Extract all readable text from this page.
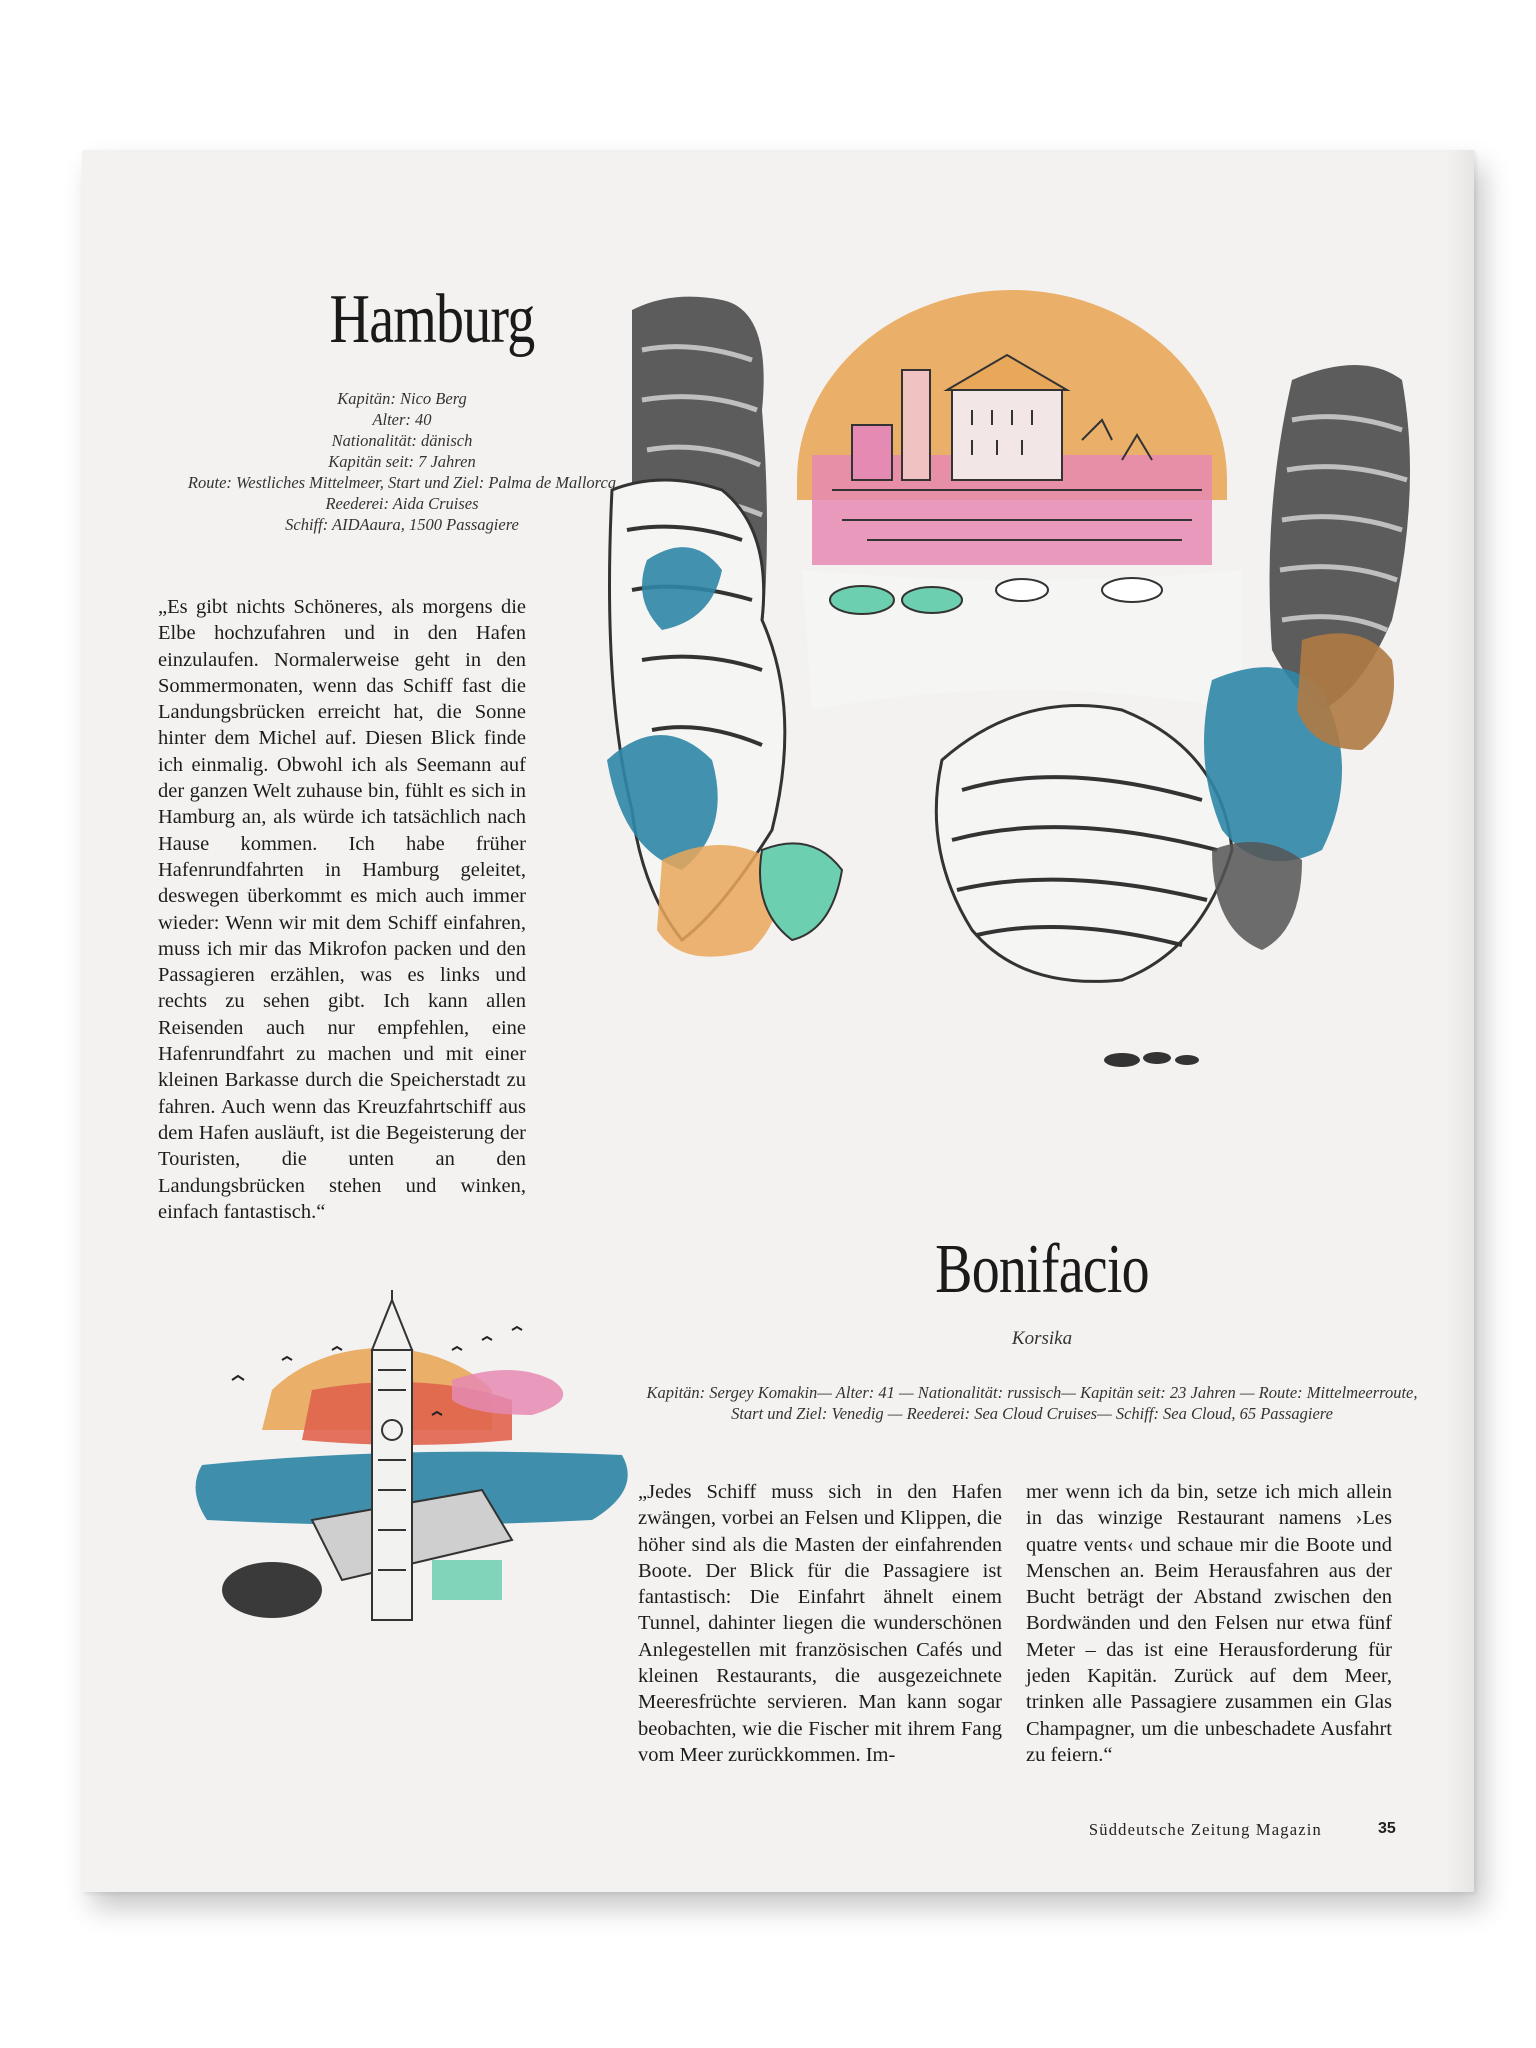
Hamburg
Kapitän: Nico Berg
Alter: 40
Nationalität: dänisch
Kapitän seit: 7 Jahren
Route: Westliches Mittelmeer, Start und Ziel: Palma de Mallorca
Reederei: Aida Cruises
Schiff: AIDAaura, 1500 Passagiere

„Es gibt nichts Schöneres, als morgens die Elbe hochzufahren und in den Hafen einzulaufen. Normalerweise geht in den Sommermonaten, wenn das Schiff fast die Landungsbrücken erreicht hat, die Sonne hinter dem Michel auf. Diesen Blick finde ich einmalig. Obwohl ich als Seemann auf der ganzen Welt zuhause bin, fühlt es sich in Hamburg an, als würde ich tatsächlich nach Hause kommen. Ich habe früher Hafenrundfahrten in Hamburg geleitet, deswegen überkommt es mich auch immer wieder: Wenn wir mit dem Schiff einfahren, muss ich mir das Mikrofon packen und den Passagieren erzählen, was es links und rechts zu sehen gibt. Ich kann allen Reisenden auch nur empfehlen, eine Hafenrundfahrt zu machen und mit einer kleinen Barkasse durch die Speicherstadt zu fahren. Auch wenn das Kreuzfahrtschiff aus dem Hafen ausläuft, ist die Begeisterung der Touristen, die unten an den Landungsbrücken stehen und winken, einfach fantastisch.“

Bonifacio

Korsika

Kapitän: Sergey Komakin— Alter: 41 — Nationalität: russisch— Kapitän seit: 23 Jahren — Route: Mittelmeerroute, Start und Ziel: Venedig — Reederei: Sea Cloud Cruises— Schiff: Sea Cloud, 65 Passagiere

„Jedes Schiff muss sich in den Hafen zwängen, vorbei an Felsen und Klippen, die höher sind als die Masten der einfahrenden Boote. Der Blick für die Passagiere ist fantastisch: Die Einfahrt ähnelt einem Tunnel, dahinter liegen die wunderschönen Anlegestellen mit französischen Cafés und kleinen Restaurants, die ausgezeichnete Meeresfrüchte servieren. Man kann sogar beobachten, wie die Fischer mit ihrem Fang vom Meer zurückkommen. Im-

mer wenn ich da bin, setze ich mich allein in das winzige Restaurant namens ›Les quatre vents‹ und schaue mir die Boote und Menschen an. Beim Herausfahren aus der Bucht beträgt der Abstand zwischen den Bordwänden und den Felsen nur etwa fünf Meter – das ist eine Herausforderung für jeden Kapitän. Zurück auf dem Meer, trinken alle Passagiere zusammen ein Glas Champagner, um die unbeschadete Ausfahrt zu feiern.“

Süddeutsche Zeitung Magazin	35
